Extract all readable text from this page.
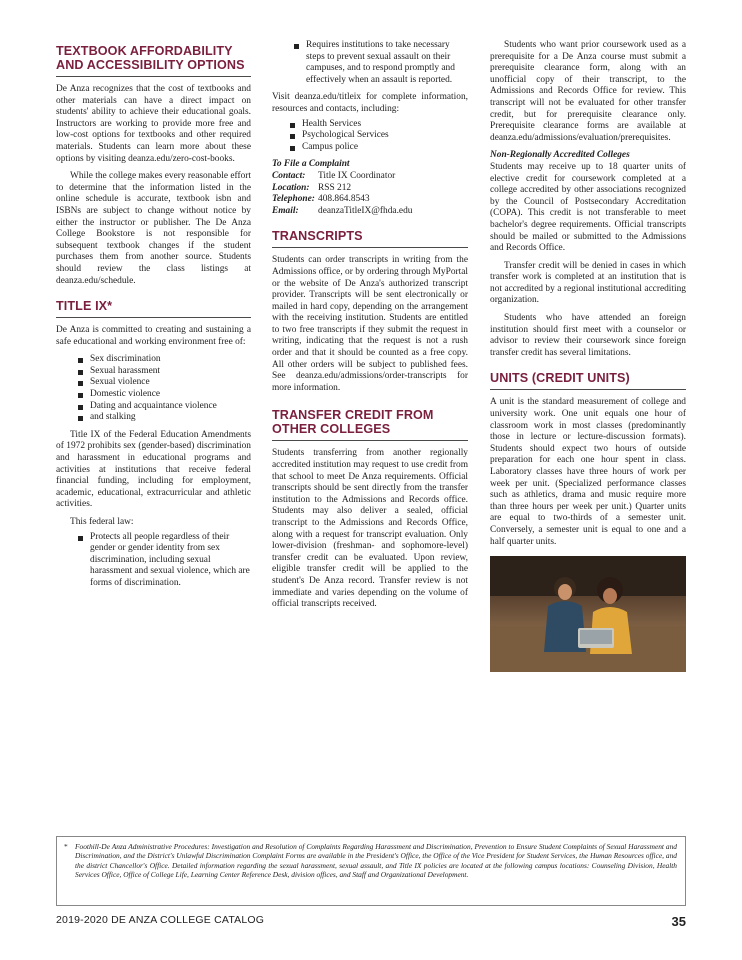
TEXTBOOK AFFORDABILITY AND ACCESSIBILITY OPTIONS

De Anza recognizes that the cost of textbooks and other materials can have a direct impact on students' ability to achieve their educational goals. Instructors are working to provide more free and low-cost options for textbooks and other required materials. Students can learn more about these options by visiting deanza.edu/zero-cost-books.

While the college makes every reasonable effort to determine that the information listed in the online schedule is accurate, textbook isbn and ISBNs are subject to change without notice by either the instructor or publisher. The De Anza College Bookstore is not responsible for subsequent textbook changes if the student purchases them from another source. Students should review the class listings at deanza.edu/schedule.

TITLE IX*

De Anza is committed to creating and sustaining a safe educational and working environment free of:

Sex discrimination
Sexual harassment
Sexual violence
Domestic violence
Dating and acquaintance violence
and stalking

Title IX of the Federal Education Amendments of 1972 prohibits sex (gender-based) discrimination and harassment in educational programs and activities at institutions that receive federal financial funding, including for employment, academic, educational, extracurricular and athletic activities.

This federal law:

Protects all people regardless of their gender or gender identity from sex discrimination, including sexual harassment and sexual violence, which are forms of discrimination.
Requires institutions to take necessary steps to prevent sexual assault on their campuses, and to respond promptly and effectively when an assault is reported.

Visit deanza.edu/titleix for complete information, resources and contacts, including:

Health Services
Psychological Services
Campus police
To File a Complaint
Contact:	Title IX Coordinator
Location: RSS 212
Telephone: 408.864.8543
Email:	deanzaTitleIX@fhda.edu
TRANSCRIPTS

Students can order transcripts in writing from the Admissions office, or by ordering through MyPortal or the website of De Anza's authorized transcript provider. Transcripts will be sent electronically or mailed in hard copy, depending on the arrangement with the receiving institution. Students are entitled to two free transcripts if they submit the request in writing, indicating that the request is not a rush order and that it should be counted as a free copy. All other orders will be subject to published fees. See deanza.edu/admissions/order-transcripts for more information.

TRANSFER CREDIT FROM OTHER COLLEGES

Students transferring from another regionally accredited institution may request to use credit from that school to meet De Anza requirements. Official transcripts should be sent directly from the transfer institution to the Admissions and Records office. Students may also deliver a sealed, official transcript to the Admissions and Records Office, along with a request for transcript evaluation. Only lower-division (freshman- and sophomore-level) transfer credit can be evaluated. Upon review, eligible transfer credit will be applied to the student's De Anza record. Transfer review is not immediate and varies depending on the volume of official transcripts received.

Students who want prior coursework used as a prerequisite for a De Anza course must submit a prerequisite clearance form, along with an unofficial copy of their transcript, to the Admissions and Records Office for review. This transcript will not be evaluated for other transfer credit, but for prerequisite clearance only. Prerequisite clearance forms are available at deanza.edu/admissions/evaluation/prerequisites.

Non-Regionally Accredited Colleges

Students may receive up to 18 quarter units of elective credit for coursework completed at a college accredited by other associations recognized by the Council of Postsecondary Accreditation (COPA). This credit is not transferable to meet bachelor's degree requirements. Official transcripts should be mailed or submitted to the Admissions and Records Office.

Transfer credit will be denied in cases in which transfer work is completed at an institution that is not accredited by a regional institutional accrediting organization.

Students who have attended an foreign institution should first meet with a counselor or advisor to review their coursework since foreign transfer credit has several limitations.

UNITS (CREDIT UNITS)

A unit is the standard measurement of college and university work. One unit equals one hour of classroom work in most classes (predominantly those in lecture or lecture-discussion formats). Students should expect two hours of outside preparation for each one hour spent in class. Laboratory classes have three hours of work per week per unit. (Specialized performance classes such as athletics, drama and music require more than three hours per week per unit.) Quarter units are equal to two-thirds of a semester unit. Conversely, a semester unit is equal to one and a half quarter units.

* Foothill-De Anza Administrative Procedures: Investigation and Resolution of Complaints Regarding Harassment and Discrimination, Prevention to Ensure Student Complaints of Sexual Harassment and Discrimination, and the District's Unlawful Discrimination Complaint Forms are available in the President's Office, the Office of the Vice President for Student Services, the Human Resources office, and the district Chancellor's Office. Detailed information regarding the sexual harassment, sexual assault, and Title IX policies are located at the following campus locations: Counseling Division, Health Services Office, Office of College Life, Learning Center Reference Desk, division offices, and Staff and Organizational Development.
2019-2020 DE ANZA COLLEGE CATALOG	35
